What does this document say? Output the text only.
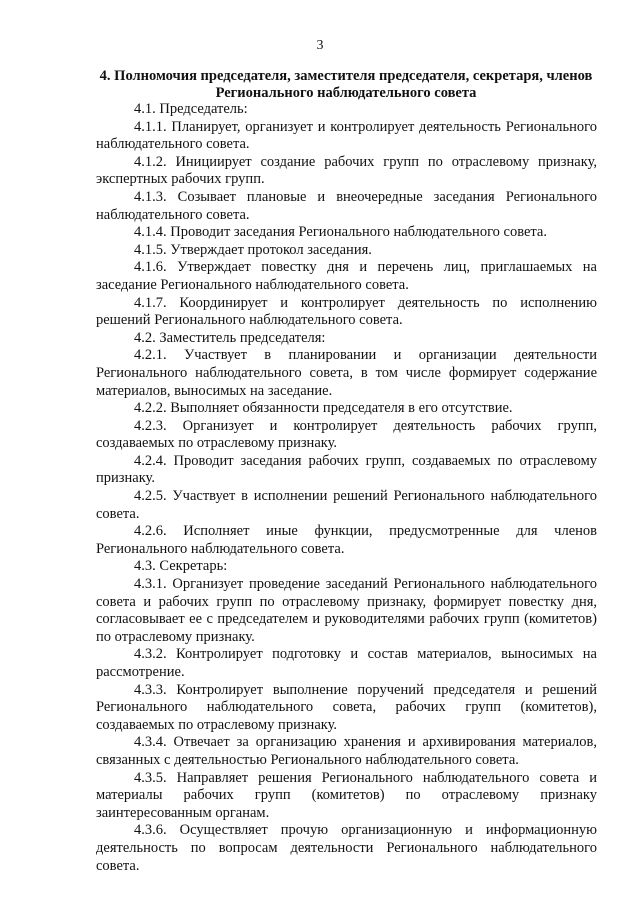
3
4. Полномочия председателя, заместителя председателя, секретаря, членов Регионального наблюдательного совета

4.1. Председатель:

4.1.1. Планирует, организует и контролирует деятельность Регионального наблюдательного совета.

4.1.2. Инициирует создание рабочих групп по отраслевому признаку, экспертных рабочих групп.

4.1.3. Созывает плановые и внеочередные заседания Регионального наблюдательного совета.

4.1.4. Проводит заседания Регионального наблюдательного совета.

4.1.5. Утверждает протокол заседания.

4.1.6. Утверждает повестку дня и перечень лиц, приглашаемых на заседание Регионального наблюдательного совета.

4.1.7. Координирует и контролирует деятельность по исполнению решений Регионального наблюдательного совета.

4.2. Заместитель председателя:

4.2.1. Участвует в планировании и организации деятельности Регионального наблюдательного совета, в том числе формирует содержание материалов, выносимых на заседание.

4.2.2. Выполняет обязанности председателя в его отсутствие.

4.2.3. Организует и контролирует деятельность рабочих групп, создаваемых по отраслевому признаку.

4.2.4. Проводит заседания рабочих групп, создаваемых по отраслевому признаку.

4.2.5. Участвует в исполнении решений Регионального наблюдательного совета.

4.2.6. Исполняет иные функции, предусмотренные для членов Регионального наблюдательного совета.

4.3. Секретарь:

4.3.1. Организует проведение заседаний Регионального наблюдательного совета и рабочих групп по отраслевому признаку, формирует повестку дня, согласовывает ее с председателем и руководителями рабочих групп (комитетов) по отраслевому признаку.

4.3.2. Контролирует подготовку и состав материалов, выносимых на рассмотрение.

4.3.3. Контролирует выполнение поручений председателя и решений Регионального наблюдательного совета, рабочих групп (комитетов), создаваемых по отраслевому признаку.

4.3.4. Отвечает за организацию хранения и архивирования материалов, связанных с деятельностью Регионального наблюдательного совета.

4.3.5. Направляет решения Регионального наблюдательного совета и материалы рабочих групп (комитетов) по отраслевому признаку заинтересованным органам.

4.3.6. Осуществляет прочую организационную и информационную деятельность по вопросам деятельности Регионального наблюдательного совета.
